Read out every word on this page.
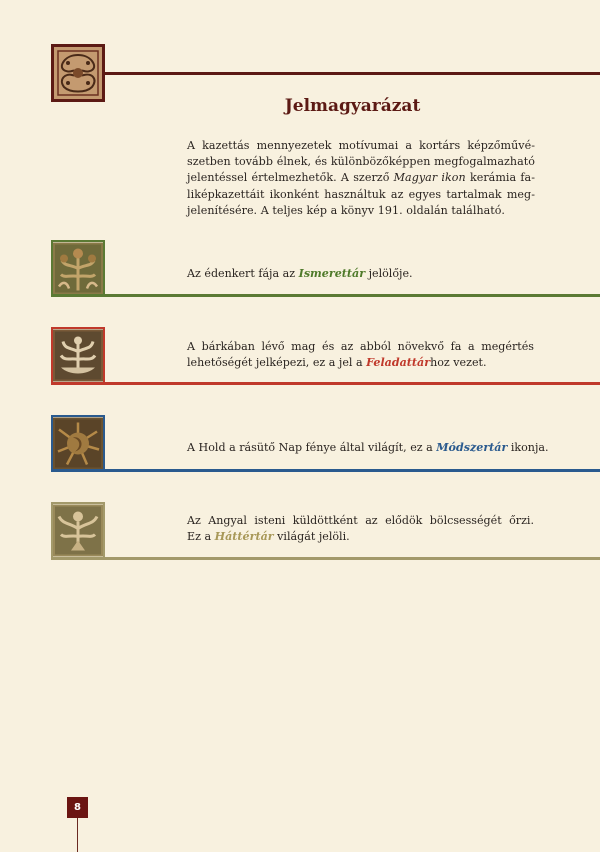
Jelmagyarázat

A kazettás mennyezetek motívumai a kortárs képzőművé-
szetben tovább élnek, és különbözőképpen megfogalmazható
jelentéssel értelmezhetők. A szerző Magyar ikon kerámia fa-
liképkazettáit ikonként használtuk az egyes tartalmak meg-
jelenítésére. A teljes kép a könyv 191. oldalán található.

Az édenkert fája az Ismerettár jelölője.

A bárkában lévő mag és az abból növekvő fa a megértés
lehetőségét jelképezi, ez a jel a Feladattárhoz vezet.

A Hold a rásütő Nap fénye által világít, ez a Módszertár ikonja.

Az Angyal isteni küldöttként az elődök bölcsességét őrzi.
Ez a Háttértár világát jelöli.

8
